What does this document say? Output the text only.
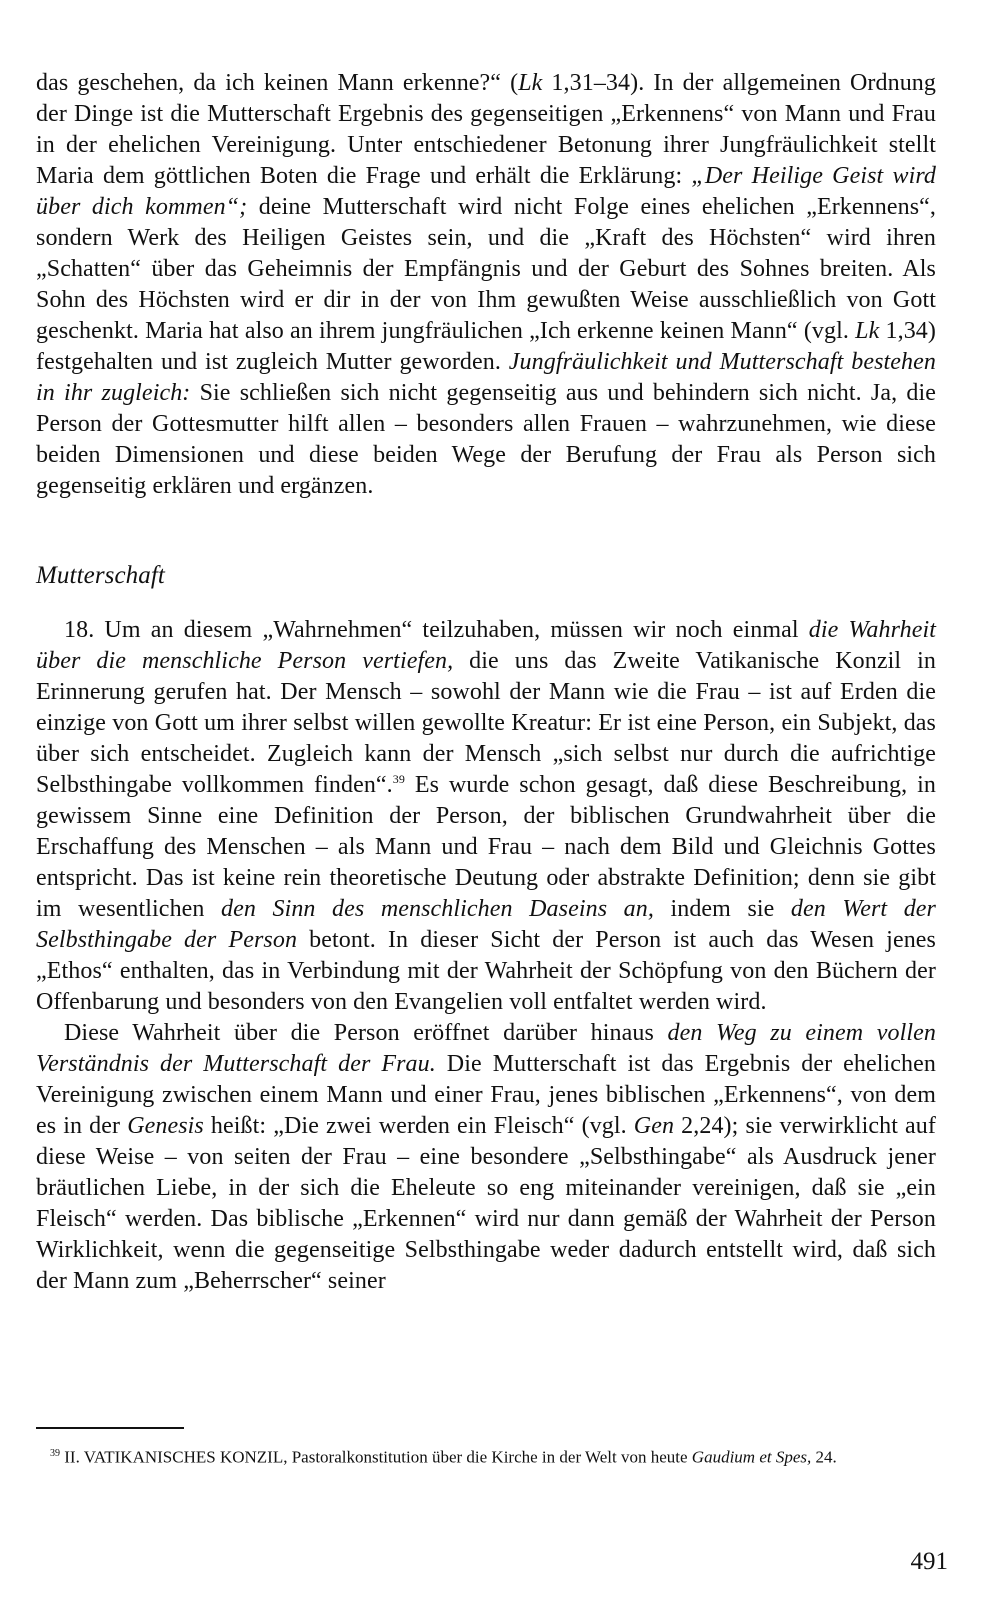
das geschehen, da ich keinen Mann erkenne?“ (Lk 1,31–34). In der allgemeinen Ordnung der Dinge ist die Mutterschaft Ergebnis des gegenseitigen „Erkennens“ von Mann und Frau in der ehelichen Vereinigung. Unter entschiedener Betonung ihrer Jungfräulichkeit stellt Maria dem göttlichen Boten die Frage und erhält die Erklärung: „Der Heilige Geist wird über dich kommen“; deine Mutterschaft wird nicht Folge eines ehelichen „Erkennens“, sondern Werk des Heiligen Geistes sein, und die „Kraft des Höchsten“ wird ihren „Schatten“ über das Geheimnis der Empfängnis und der Geburt des Sohnes breiten. Als Sohn des Höchsten wird er dir in der von Ihm gewußten Weise ausschließlich von Gott geschenkt. Maria hat also an ihrem jungfräulichen „Ich erkenne keinen Mann“ (vgl. Lk 1,34) festgehalten und ist zugleich Mutter geworden. Jungfräulichkeit und Mutterschaft bestehen in ihr zugleich: Sie schließen sich nicht gegenseitig aus und behindern sich nicht. Ja, die Person der Gottesmutter hilft allen – besonders allen Frauen – wahrzunehmen, wie diese beiden Dimensionen und diese beiden Wege der Berufung der Frau als Person sich gegenseitig erklären und ergänzen.

Mutterschaft

18. Um an diesem „Wahrnehmen“ teilzuhaben, müssen wir noch einmal die Wahrheit über die menschliche Person vertiefen, die uns das Zweite Vatikanische Konzil in Erinnerung gerufen hat. Der Mensch – sowohl der Mann wie die Frau – ist auf Erden die einzige von Gott um ihrer selbst willen gewollte Kreatur: Er ist eine Person, ein Subjekt, das über sich entscheidet. Zugleich kann der Mensch „sich selbst nur durch die aufrichtige Selbsthingabe vollkommen finden“.$^{39}$ Es wurde schon gesagt, daß diese Beschreibung, in gewissem Sinne eine Definition der Person, der biblischen Grundwahrheit über die Erschaffung des Menschen – als Mann und Frau – nach dem Bild und Gleichnis Gottes entspricht. Das ist keine rein theoretische Deutung oder abstrakte Definition; denn sie gibt im wesentlichen den Sinn des menschlichen Daseins an, indem sie den Wert der Selbsthingabe der Person betont. In dieser Sicht der Person ist auch das Wesen jenes „Ethos“ enthalten, das in Verbindung mit der Wahrheit der Schöpfung von den Büchern der Offenbarung und besonders von den Evangelien voll entfaltet werden wird.

Diese Wahrheit über die Person eröffnet darüber hinaus den Weg zu einem vollen Verständnis der Mutterschaft der Frau. Die Mutterschaft ist das Ergebnis der ehelichen Vereinigung zwischen einem Mann und einer Frau, jenes biblischen „Erkennens“, von dem es in der Genesis heißt: „Die zwei werden ein Fleisch“ (vgl. Gen 2,24); sie verwirklicht auf diese Weise – von seiten der Frau – eine besondere „Selbsthingabe“ als Ausdruck jener bräutlichen Liebe, in der sich die Eheleute so eng miteinander vereinigen, daß sie „ein Fleisch“ werden. Das biblische „Erkennen“ wird nur dann gemäß der Wahrheit der Person Wirklichkeit, wenn die gegenseitige Selbsthingabe weder dadurch entstellt wird, daß sich der Mann zum „Beherrscher“ seiner

$^{39}$ II. VATIKANISCHES KONZIL, Pastoralkonstitution über die Kirche in der Welt von heute Gaudium et Spes, 24.
491
